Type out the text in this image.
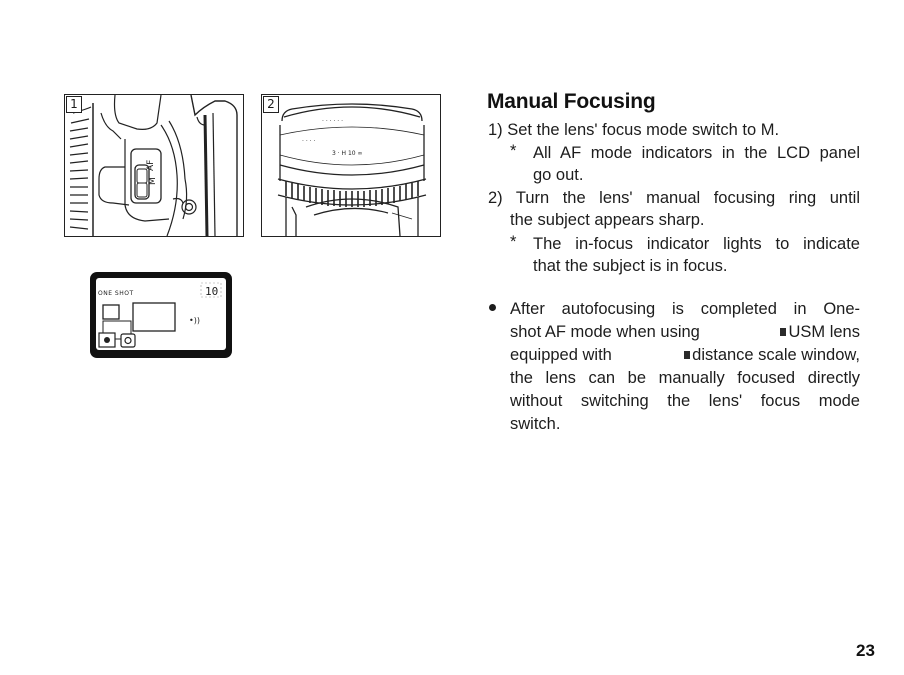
AF
M
1
· · · · · ·
3 · H 10 ∞
· · · ·
2
•))
10
ONE SHOT
Manual Focusing
1) Set the lens' focus mode switch to M.
* All AF mode indicators in the LCD panel
go out.
2) Turn the lens' manual focusing ring until
the subject appears sharp.
* The in-focus indicator lights to indicate
that the subject is in focus.
After autofocusing is completed in One-
shot AF mode when using	USM lens
equipped with	distance scale window,
the lens can be manually focused directly
without switching the lens' focus mode
switch.
23
